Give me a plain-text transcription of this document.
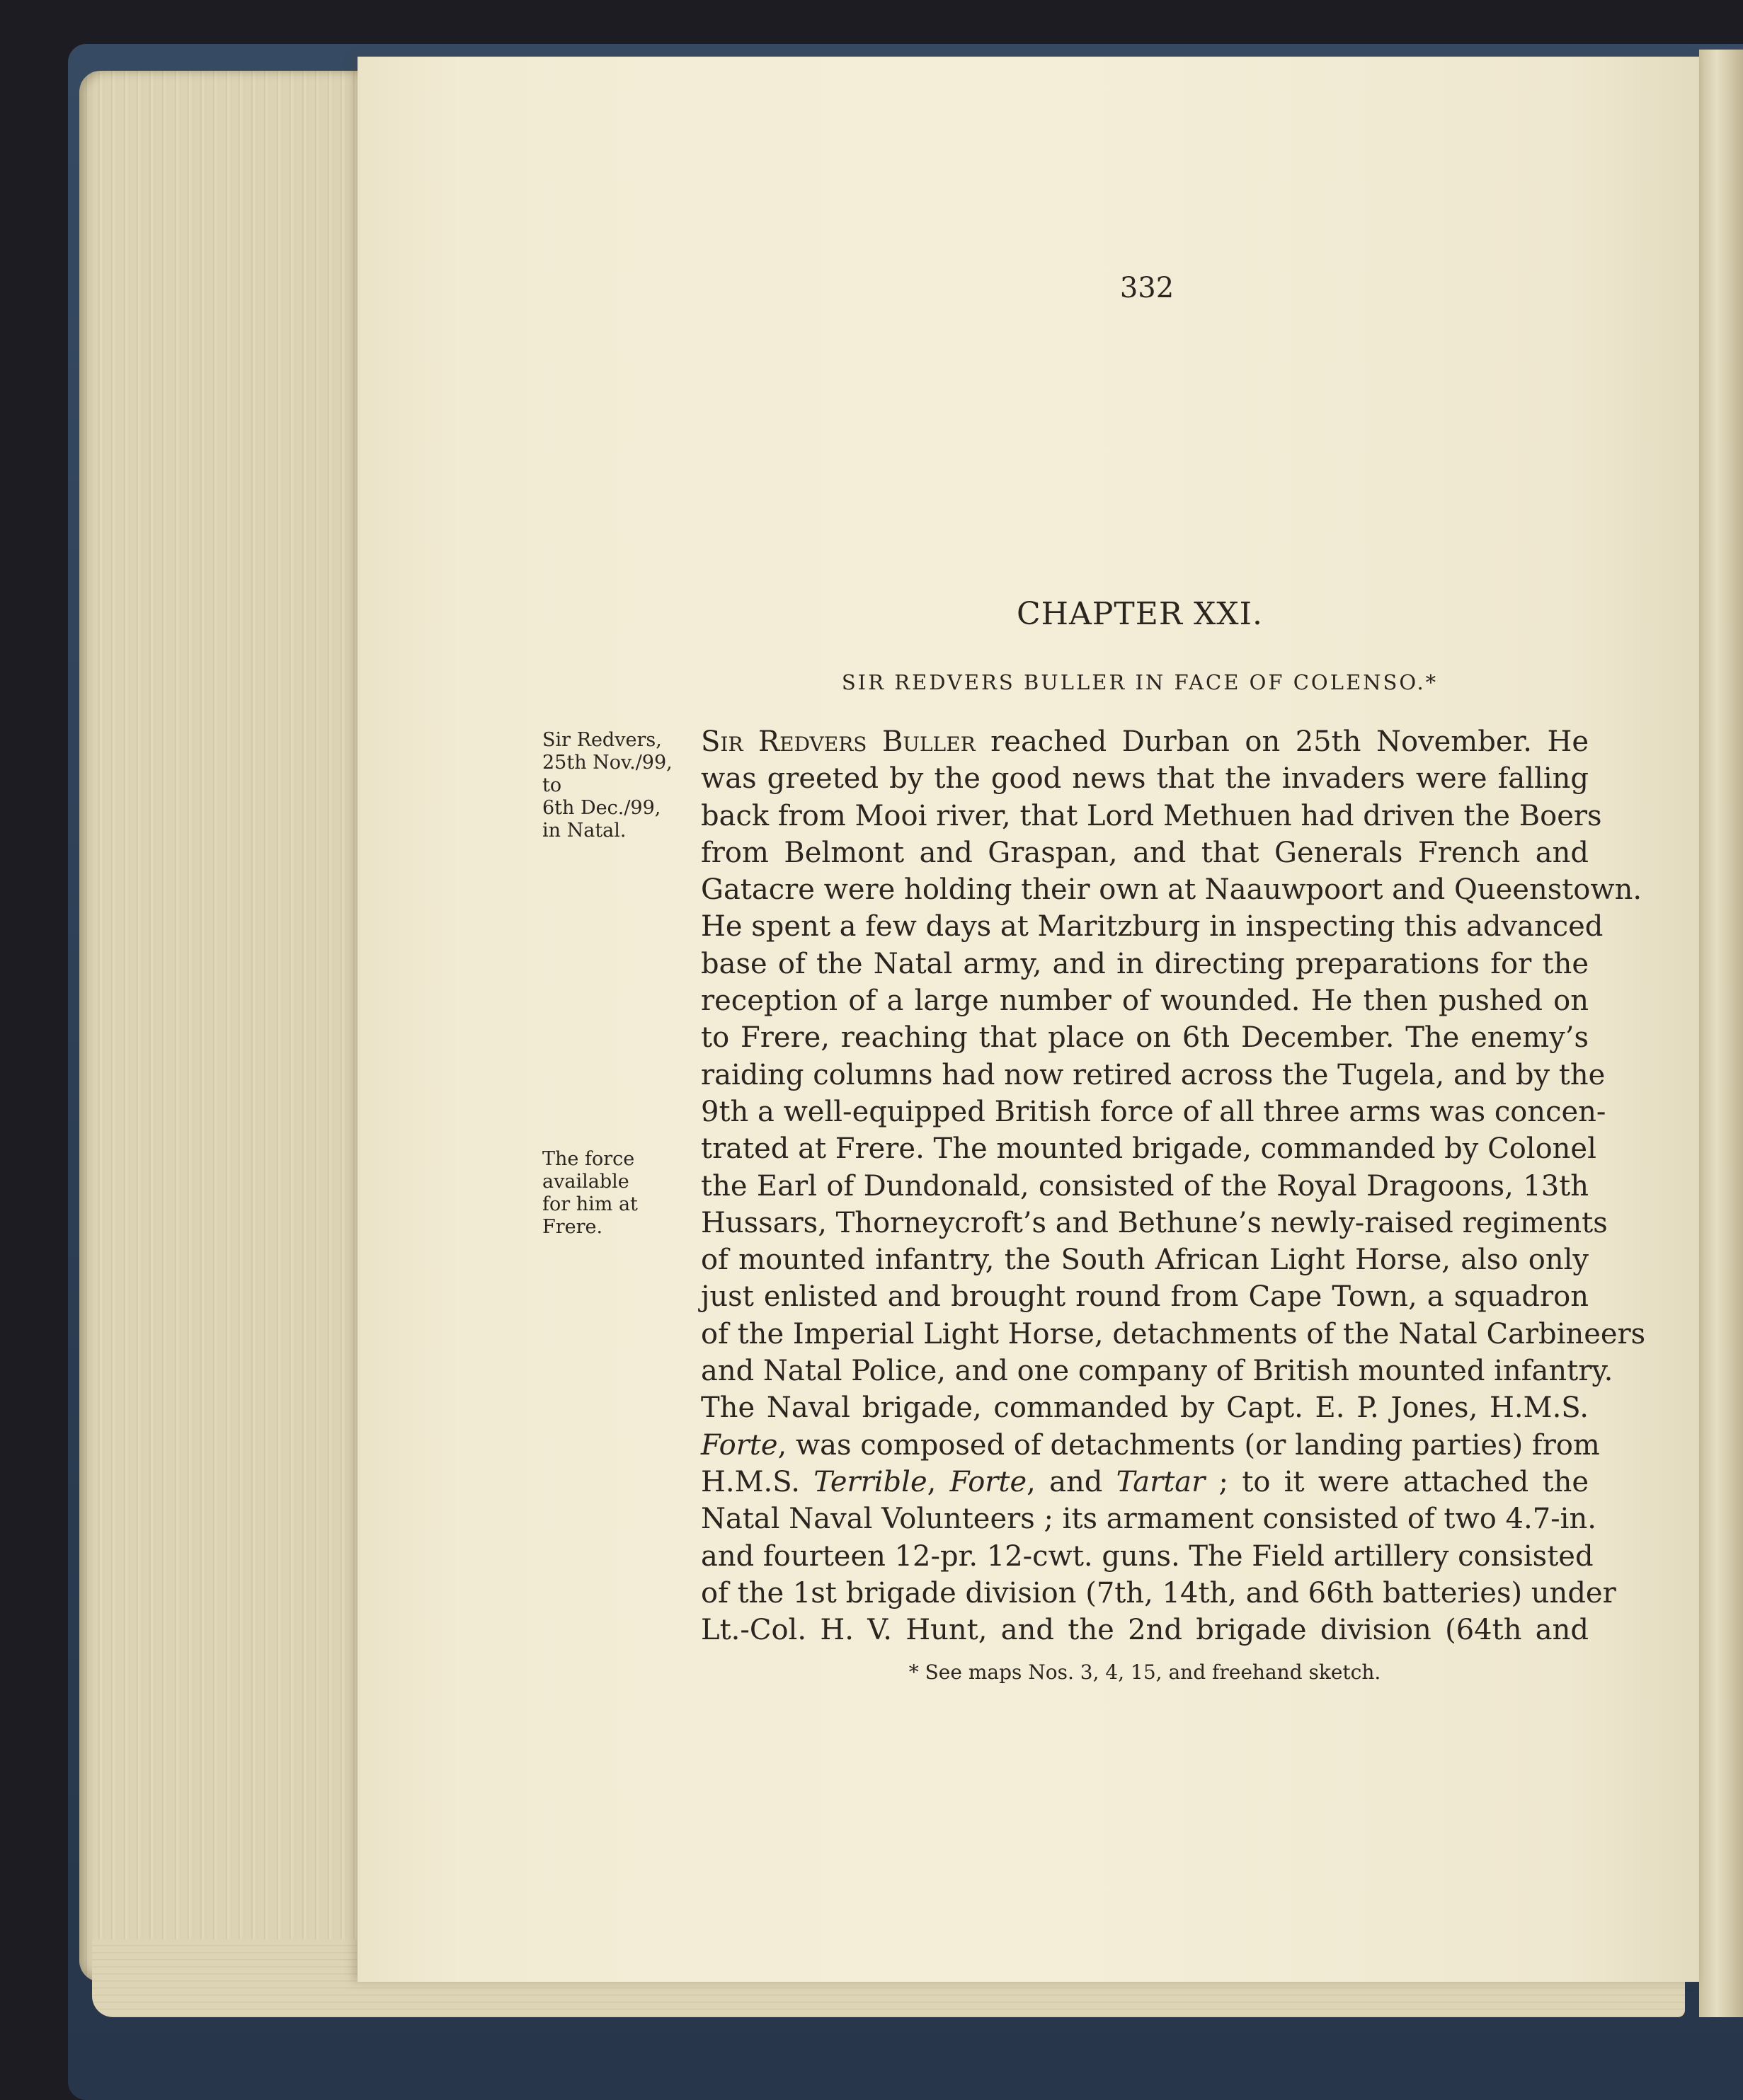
332
CHAPTER XXI.
SIR REDVERS BULLER IN FACE OF COLENSO.*
Sir Redvers,
25th Nov./99,
to
6th Dec./99,
in Natal.
The force
available
for him at
Frere.
Sir Redvers Buller reached Durban on 25th November. He
was greeted by the good news that the invaders were falling
back from Mooi river, that Lord Methuen had driven the Boers
from Belmont and Graspan, and that Generals French and
Gatacre were holding their own at Naauwpoort and Queenstown.
He spent a few days at Maritzburg in inspecting this advanced
base of the Natal army, and in directing preparations for the
reception of a large number of wounded. He then pushed on
to Frere, reaching that place on 6th December. The enemy’s
raiding columns had now retired across the Tugela, and by the
9th a well-equipped British force of all three arms was concen-
trated at Frere. The mounted brigade, commanded by Colonel
the Earl of Dundonald, consisted of the Royal Dragoons, 13th
Hussars, Thorneycroft’s and Bethune’s newly-raised regiments
of mounted infantry, the South African Light Horse, also only
just enlisted and brought round from Cape Town, a squadron
of the Imperial Light Horse, detachments of the Natal Carbineers
and Natal Police, and one company of British mounted infantry.
The Naval brigade, commanded by Capt. E. P. Jones, H.M.S.
Forte, was composed of detachments (or landing parties) from
H.M.S. Terrible, Forte, and Tartar ; to it were attached the
Natal Naval Volunteers ; its armament consisted of two 4.7-in.
and fourteen 12-pr. 12-cwt. guns. The Field artillery consisted
of the 1st brigade division (7th, 14th, and 66th batteries) under
Lt.-Col. H. V. Hunt, and the 2nd brigade division (64th and
* See maps Nos. 3, 4, 15, and freehand sketch.
